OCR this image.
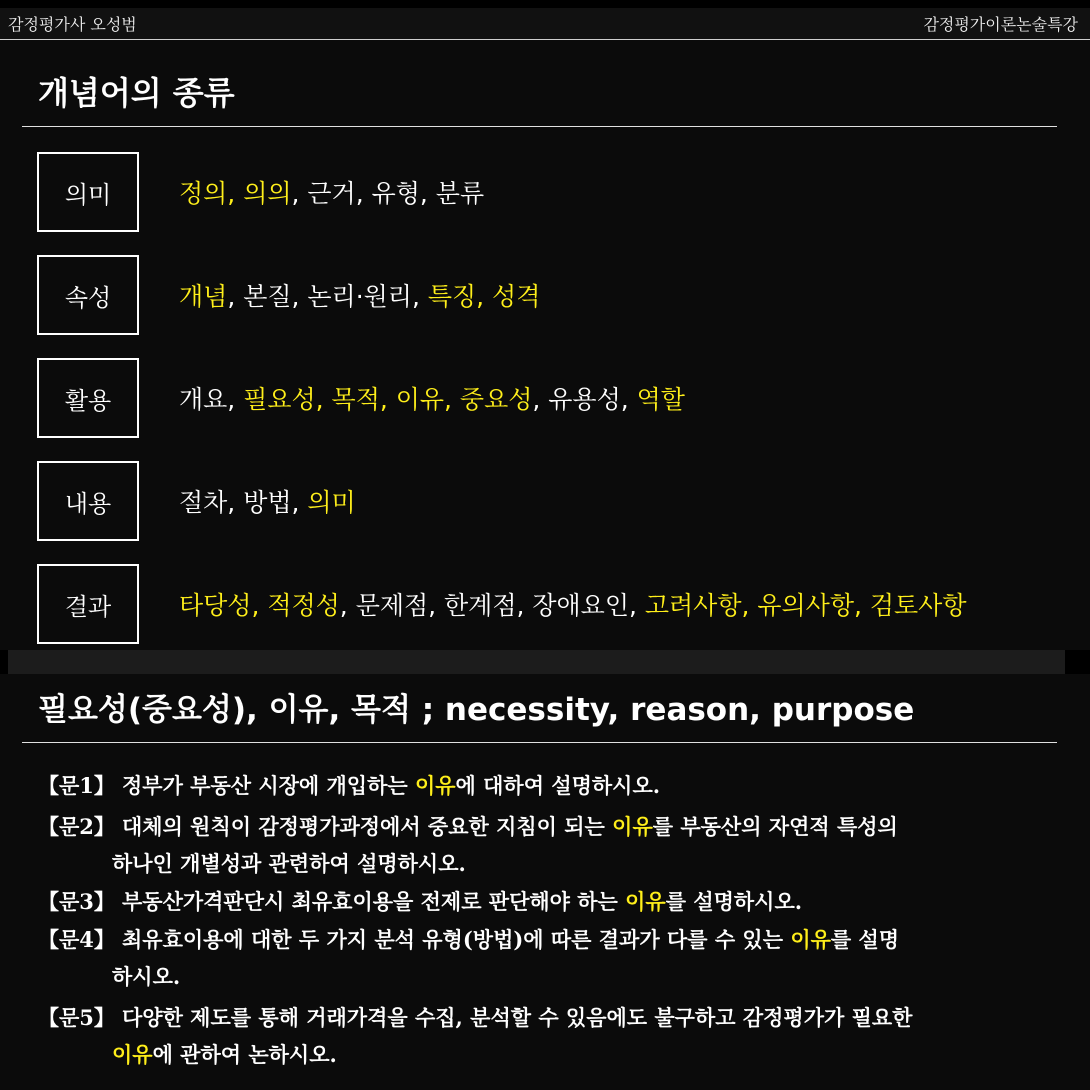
감정평가사 오성범	감정평가이론논술특강
개념어의 종류
의미	정의, 의의, 근거, 유형, 분류
속성	개념, 본질, 논리·원리, 특징, 성격
활용	개요, 필요성, 목적, 이유, 중요성, 유용성, 역할
내용	절차, 방법, 의미
결과	타당성, 적정성, 문제점, 한계점, 장애요인, 고려사항, 유의사항, 검토사항
필요성(중요성), 이유, 목적 ; necessity, reason, purpose
【문1】 정부가 부동산 시장에 개입하는 이유에 대하여 설명하시오.
【문2】 대체의 원칙이 감정평가과정에서 중요한 지침이 되는 이유를 부동산의 자연적 특성의
하나인 개별성과 관련하여 설명하시오.
【문3】 부동산가격판단시 최유효이용을 전제로 판단해야 하는 이유를 설명하시오.
【문4】 최유효이용에 대한 두 가지 분석 유형(방법)에 따른 결과가 다를 수 있는 이유를 설명
하시오.
【문5】 다양한 제도를 통해 거래가격을 수집, 분석할 수 있음에도 불구하고 감정평가가 필요한
이유에 관하여 논하시오.
